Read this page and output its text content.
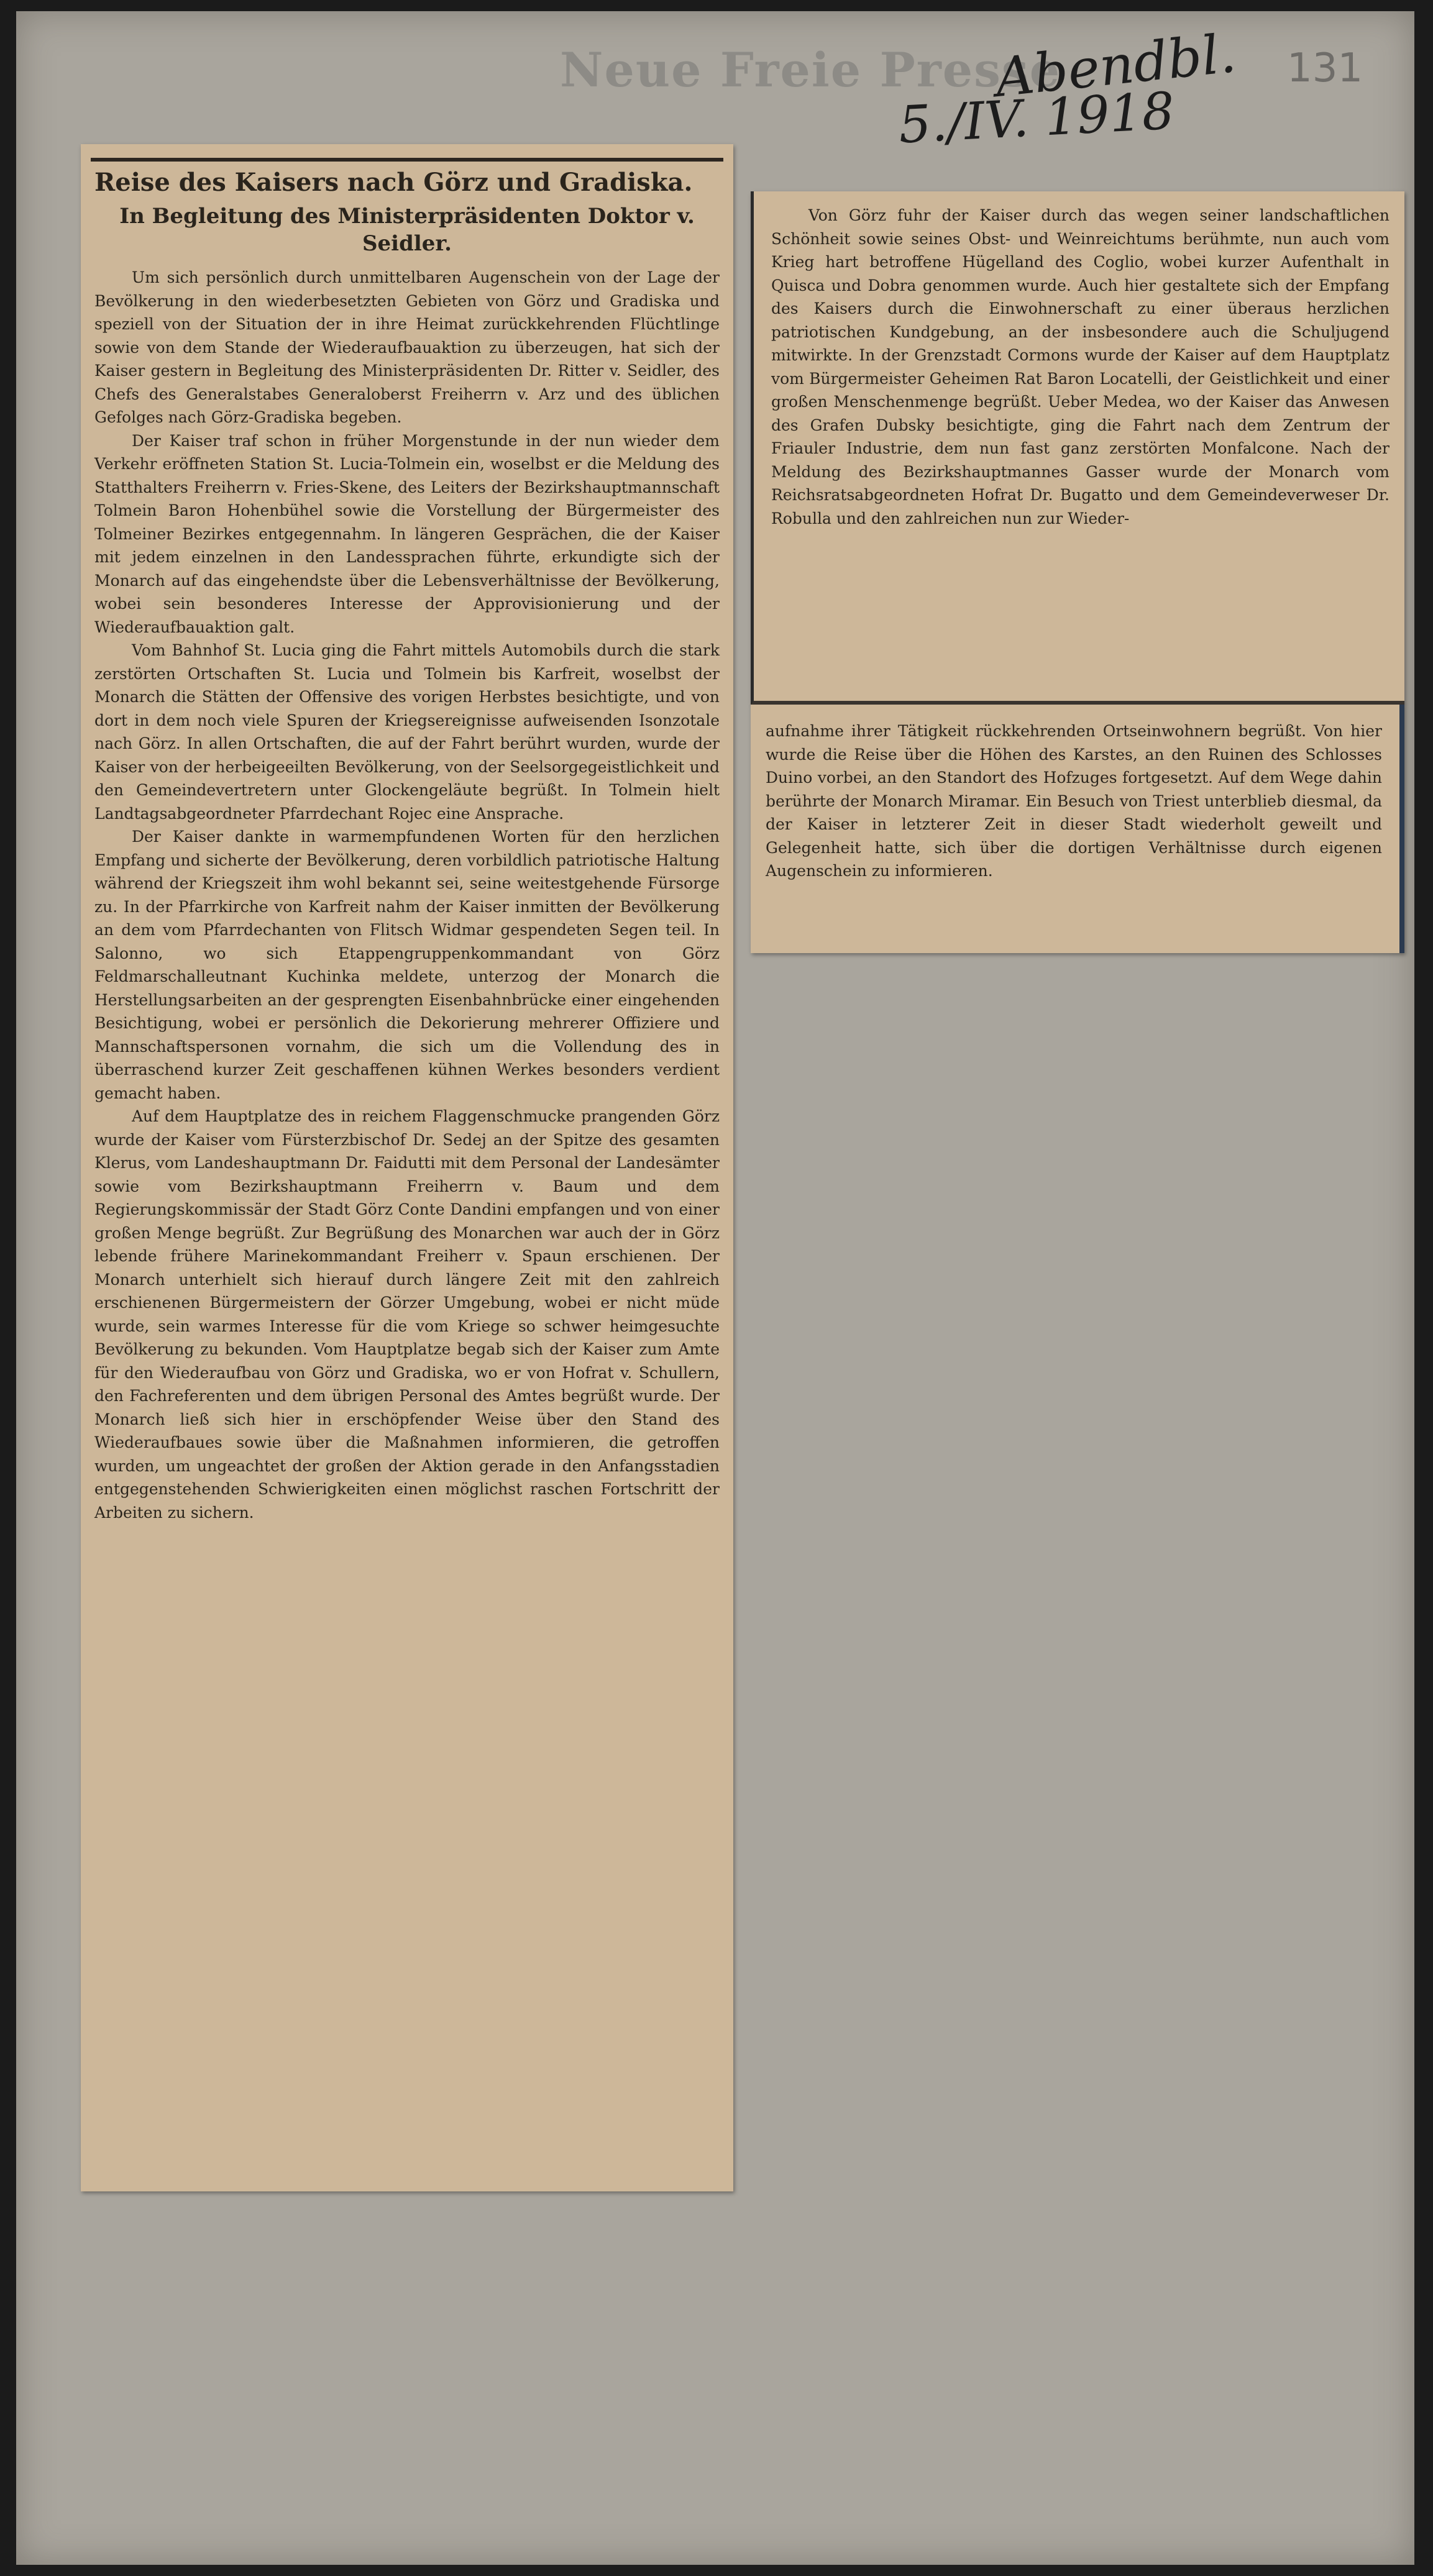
Neue Freie Presse
Abendbl.
5./IV. 1918
131
Reise des Kaisers nach Görz und Gradiska.
In Begleitung des Ministerpräsidenten Doktor v. Seidler.

Um sich persönlich durch unmittelbaren Augenschein von der Lage der Bevölkerung in den wiederbesetzten Gebieten von Görz und Gradiska und speziell von der Situation der in ihre Heimat zurückkehrenden Flüchtlinge sowie von dem Stande der Wiederaufbauaktion zu überzeugen, hat sich der Kaiser gestern in Begleitung des Ministerpräsidenten Dr. Ritter v. Seidler, des Chefs des Generalstabes Generaloberst Freiherrn v. Arz und des üblichen Gefolges nach Görz-Gradiska begeben.

Der Kaiser traf schon in früher Morgenstunde in der nun wieder dem Verkehr eröffneten Station St. Lucia-Tolmein ein, woselbst er die Meldung des Statthalters Freiherrn v. Fries-Skene, des Leiters der Bezirkshauptmannschaft Tolmein Baron Hohenbühel sowie die Vorstellung der Bürgermeister des Tolmeiner Bezirkes entgegennahm. In längeren Gesprächen, die der Kaiser mit jedem einzelnen in den Landessprachen führte, erkundigte sich der Monarch auf das eingehendste über die Lebensverhältnisse der Bevölkerung, wobei sein besonderes Interesse der Approvisionierung und der Wiederaufbauaktion galt.

Vom Bahnhof St. Lucia ging die Fahrt mittels Automobils durch die stark zerstörten Ortschaften St. Lucia und Tolmein bis Karfreit, woselbst der Monarch die Stätten der Offensive des vorigen Herbstes besichtigte, und von dort in dem noch viele Spuren der Kriegsereignisse aufweisenden Isonzotale nach Görz. In allen Ortschaften, die auf der Fahrt berührt wurden, wurde der Kaiser von der herbeigeeilten Bevölkerung, von der Seelsorgegeistlichkeit und den Gemeindevertretern unter Glockengeläute begrüßt. In Tolmein hielt Landtagsabgeordneter Pfarrdechant Rojec eine Ansprache.

Der Kaiser dankte in warmempfundenen Worten für den herzlichen Empfang und sicherte der Bevölkerung, deren vorbildlich patriotische Haltung während der Kriegszeit ihm wohl bekannt sei, seine weitestgehende Fürsorge zu. In der Pfarrkirche von Karfreit nahm der Kaiser inmitten der Bevölkerung an dem vom Pfarrdechanten von Flitsch Widmar gespendeten Segen teil. In Salonno, wo sich Etappengruppenkommandant von Görz Feldmarschalleutnant Kuchinka meldete, unterzog der Monarch die Herstellungsarbeiten an der gesprengten Eisenbahnbrücke einer eingehenden Besichtigung, wobei er persönlich die Dekorierung mehrerer Offiziere und Mannschaftspersonen vornahm, die sich um die Vollendung des in überraschend kurzer Zeit geschaffenen kühnen Werkes besonders verdient gemacht haben.

Auf dem Hauptplatze des in reichem Flaggenschmucke prangenden Görz wurde der Kaiser vom Fürsterzbischof Dr. Sedej an der Spitze des gesamten Klerus, vom Landeshauptmann Dr. Faidutti mit dem Personal der Landesämter sowie vom Bezirkshauptmann Freiherrn v. Baum und dem Regierungskommissär der Stadt Görz Conte Dandini empfangen und von einer großen Menge begrüßt. Zur Begrüßung des Monarchen war auch der in Görz lebende frühere Marinekommandant Freiherr v. Spaun erschienen. Der Monarch unterhielt sich hierauf durch längere Zeit mit den zahlreich erschienenen Bürgermeistern der Görzer Umgebung, wobei er nicht müde wurde, sein warmes Interesse für die vom Kriege so schwer heimgesuchte Bevölkerung zu bekunden. Vom Hauptplatze begab sich der Kaiser zum Amte für den Wiederaufbau von Görz und Gradiska, wo er von Hofrat v. Schullern, den Fachreferenten und dem übrigen Personal des Amtes begrüßt wurde. Der Monarch ließ sich hier in erschöpfender Weise über den Stand des Wiederaufbaues sowie über die Maßnahmen informieren, die getroffen wurden, um ungeachtet der großen der Aktion gerade in den Anfangsstadien entgegenstehenden Schwierigkeiten einen möglichst raschen Fortschritt der Arbeiten zu sichern.

Von Görz fuhr der Kaiser durch das wegen seiner landschaftlichen Schönheit sowie seines Obst- und Weinreichtums berühmte, nun auch vom Krieg hart betroffene Hügelland des Coglio, wobei kurzer Aufenthalt in Quisca und Dobra genommen wurde. Auch hier gestaltete sich der Empfang des Kaisers durch die Einwohnerschaft zu einer überaus herzlichen patriotischen Kundgebung, an der insbesondere auch die Schuljugend mitwirkte. In der Grenzstadt Cormons wurde der Kaiser auf dem Hauptplatz vom Bürgermeister Geheimen Rat Baron Locatelli, der Geistlichkeit und einer großen Menschenmenge begrüßt. Ueber Medea, wo der Kaiser das Anwesen des Grafen Dubsky besichtigte, ging die Fahrt nach dem Zentrum der Friauler Industrie, dem nun fast ganz zerstörten Monfalcone. Nach der Meldung des Bezirkshauptmannes Gasser wurde der Monarch vom Reichsratsabgeordneten Hofrat Dr. Bugatto und dem Gemeindeverweser Dr. Robulla und den zahlreichen nun zur Wieder-

aufnahme ihrer Tätigkeit rückkehrenden Ortseinwohnern begrüßt. Von hier wurde die Reise über die Höhen des Karstes, an den Ruinen des Schlosses Duino vorbei, an den Standort des Hofzuges fortgesetzt. Auf dem Wege dahin berührte der Monarch Miramar. Ein Besuch von Triest unterblieb diesmal, da der Kaiser in letzterer Zeit in dieser Stadt wiederholt geweilt und Gelegenheit hatte, sich über die dortigen Verhältnisse durch eigenen Augenschein zu informieren.
